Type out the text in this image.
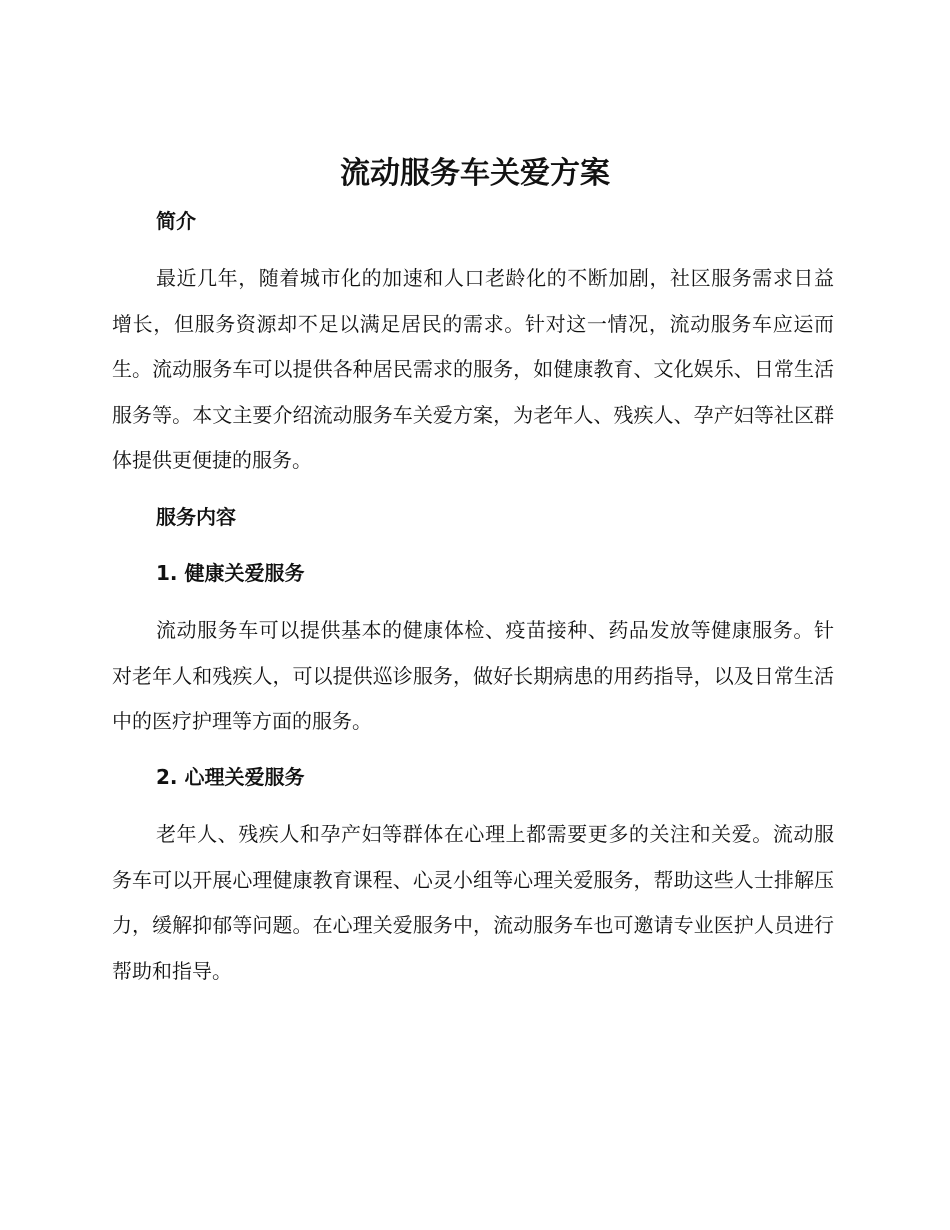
流动服务车关爱方案
简介

最近几年，随着城市化的加速和人口老龄化的不断加剧，社区服务需求日益增长，但服务资源却不足以满足居民的需求。针对这一情况，流动服务车应运而生。流动服务车可以提供各种居民需求的服务，如健康教育、文化娱乐、日常生活服务等。本文主要介绍流动服务车关爱方案，为老年人、残疾人、孕产妇等社区群体提供更便捷的服务。

服务内容
1. 健康关爱服务

流动服务车可以提供基本的健康体检、疫苗接种、药品发放等健康服务。针对老年人和残疾人，可以提供巡诊服务，做好长期病患的用药指导，以及日常生活中的医疗护理等方面的服务。

2. 心理关爱服务

老年人、残疾人和孕产妇等群体在心理上都需要更多的关注和关爱。流动服务车可以开展心理健康教育课程、心灵小组等心理关爱服务，帮助这些人士排解压力，缓解抑郁等问题。在心理关爱服务中，流动服务车也可邀请专业医护人员进行帮助和指导。
